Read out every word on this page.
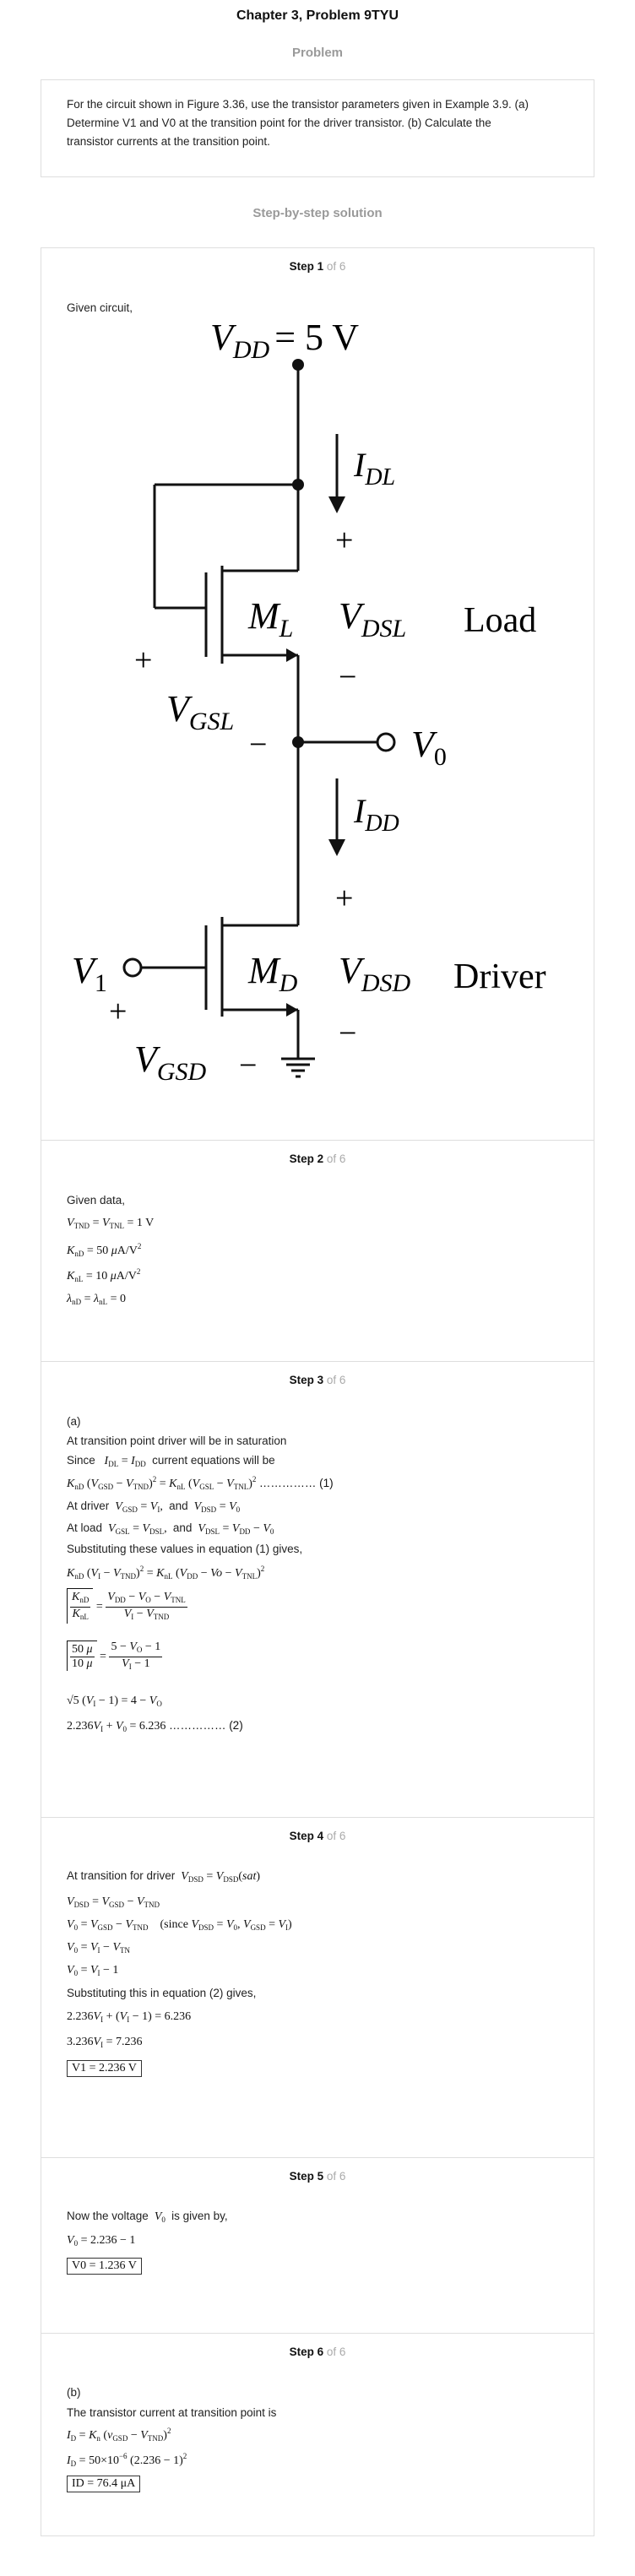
Chapter 3, Problem 9TYU
Problem
For the circuit shown in Figure 3.36, use the transistor parameters given in Example 3.9. (a)
Determine V1 and V0 at the transition point for the driver transistor. (b) Calculate the
transistor currents at the transition point.
Step-by-step solution
Step 1 of 6
Given circuit,
$V_{DD} = 5$ V
$I_{DL}$
+
$M_L$ $V_{DSL}$ Load
−
+
$V_{GSL}$
−	$V_0$
$I_{DD}$
+
$M_D$ $V_{DSD}$ Driver
−
$V_1$
+
$V_{GSD}$ −
Step 2 of 6
Given data,
$V_{TND} = V_{TNL} = 1$ V
$K_{nD} = 50$ $\mu A/V^2$
$K_{nL} = 10$ $\mu A/V^2$
$\lambda_{nD} = \lambda_{nL} = 0$
Step 3 of 6
(a)
At transition point driver will be in saturation
Since $I_{DL} = I_{DD}$ current equations will be
$K_{nD}$ $(V_{GSD} - V_{TND})^2 = K_{nL}$ $(V_{GSL} - V_{TNL})^2$ …………… (1)
At driver $V_{GSD} = V_I$,  and $V_{DSD} = V_0$
At load $V_{GSL} = V_{DSL}$,  and $V_{DSL} = V_{DD} - V_0$
Substituting these values in equation (1) gives,
$K_{nD}$ $(V_I - V_{TND})^2 = K_{nL}$ $(V_{DD} - Vo - V_{TNL})^2$
$\frac{K_{nD}}{K_{nL}} = \frac{V_{DD} - V_O - V_{TNL}}{V_I - V_{TND}}$
$\frac{50 \mu}{10 \mu} = \frac{5 - V_O - 1}{V_I - 1}$
√5 $(V_I - 1) = 4 - V_O$
$2.236V_I + V_0 = 6.236$ …………… (2)
Step 4 of 6
At transition for driver $V_{DSD} = V_{DSD}(sat)$
$V_{DSD} = V_{GSD} - V_{TND}$
$V_0 = V_{GSD} - V_{TND}$ (since $V_{DSD} = V_0$, $V_{GSD} = V_I$)
$V_0 = V_I - V_{TN}$
$V_0 = V_I - 1$
Substituting this in equation (2) gives,
$2.236V_I + (V_I - 1) = 6.236$
$3.236V_I = 7.236$
V1 = 2.236 V
Step 5 of 6
Now the voltage $V_0$ is given by,
$V_0 = 2.236 - 1$
V0 = 1.236 V
Step 6 of 6
(b)
The transistor current at transition point is
$I_D = K_n$ $(v_{GSD} - V_{TND})^2$
$I_D = 50\times 10^{-6}$ $(2.236 - 1)^2$
ID = 76.4 μA
